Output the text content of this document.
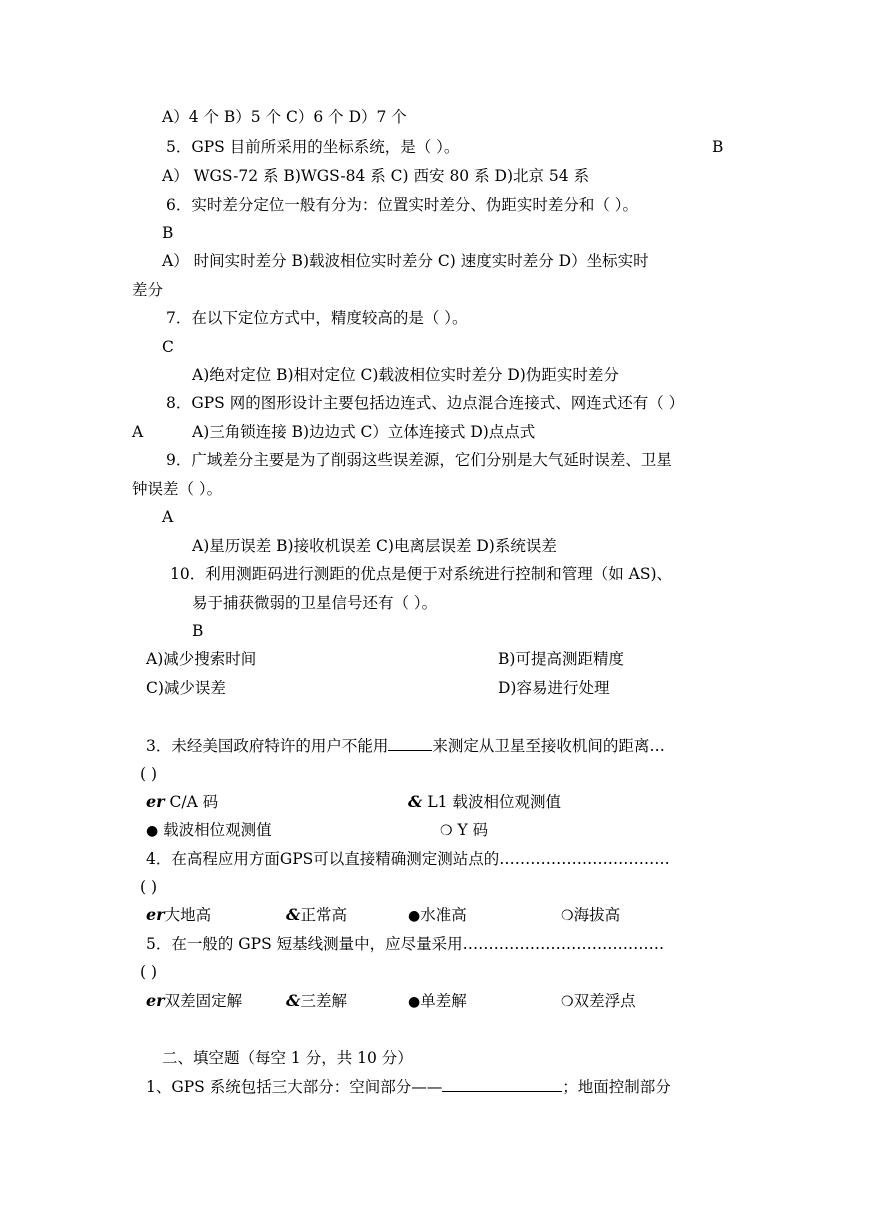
A）4 个 B）5 个 C）6 个 D）7 个
5．GPS 目前所采用的坐标系统，是（ ）。	B
A） WGS-72 系 B)WGS-84 系 C) 西安 80 系 D)北京 54 系
6．实时差分定位一般有分为：位置实时差分、伪距实时差分和（ ）。
B
A） 时间实时差分 B)载波相位实时差分 C) 速度实时差分 D）坐标实时
差分
7．在以下定位方式中，精度较高的是（ ）。
C
A)绝对定位 B)相对定位 C)载波相位实时差分 D)伪距实时差分
8．GPS 网的图形设计主要包括边连式、边点混合连接式、网连式还有（ ）
A	A)三角锁连接 B)边边式 C）立体连接式 D)点点式
9．广域差分主要是为了削弱这些误差源，它们分别是大气延时误差、卫星
钟误差（ ）。
A
A)星历误差 B)接收机误差 C)电离层误差 D)系统误差
10．利用测距码进行测距的优点是便于对系统进行控制和管理（如 AS)、
易于捕获微弱的卫星信号还有（ ）。
B
A)减少搜索时间	B)可提高测距精度
C)减少误差	D)容易进行处理
3．未经美国政府特许的用户不能用	来测定从卫星至接收机间的距离…
( )
er C/A 码	& L1 载波相位观测值
● 载波相位观测值	❍ Y 码
4．在高程应用方面GPS可以直接精确测定测站点的……………………………
( )
er大地高	&正常高	●水准高	❍海拔高
5．在一般的 GPS 短基线测量中，应尽量采用…………………………………
( )
er双差固定解	&三差解	●单差解	❍双差浮点
二、填空题（每空 1 分，共 10 分）
1、GPS 系统包括三大部分：空间部分——	；地面控制部分
